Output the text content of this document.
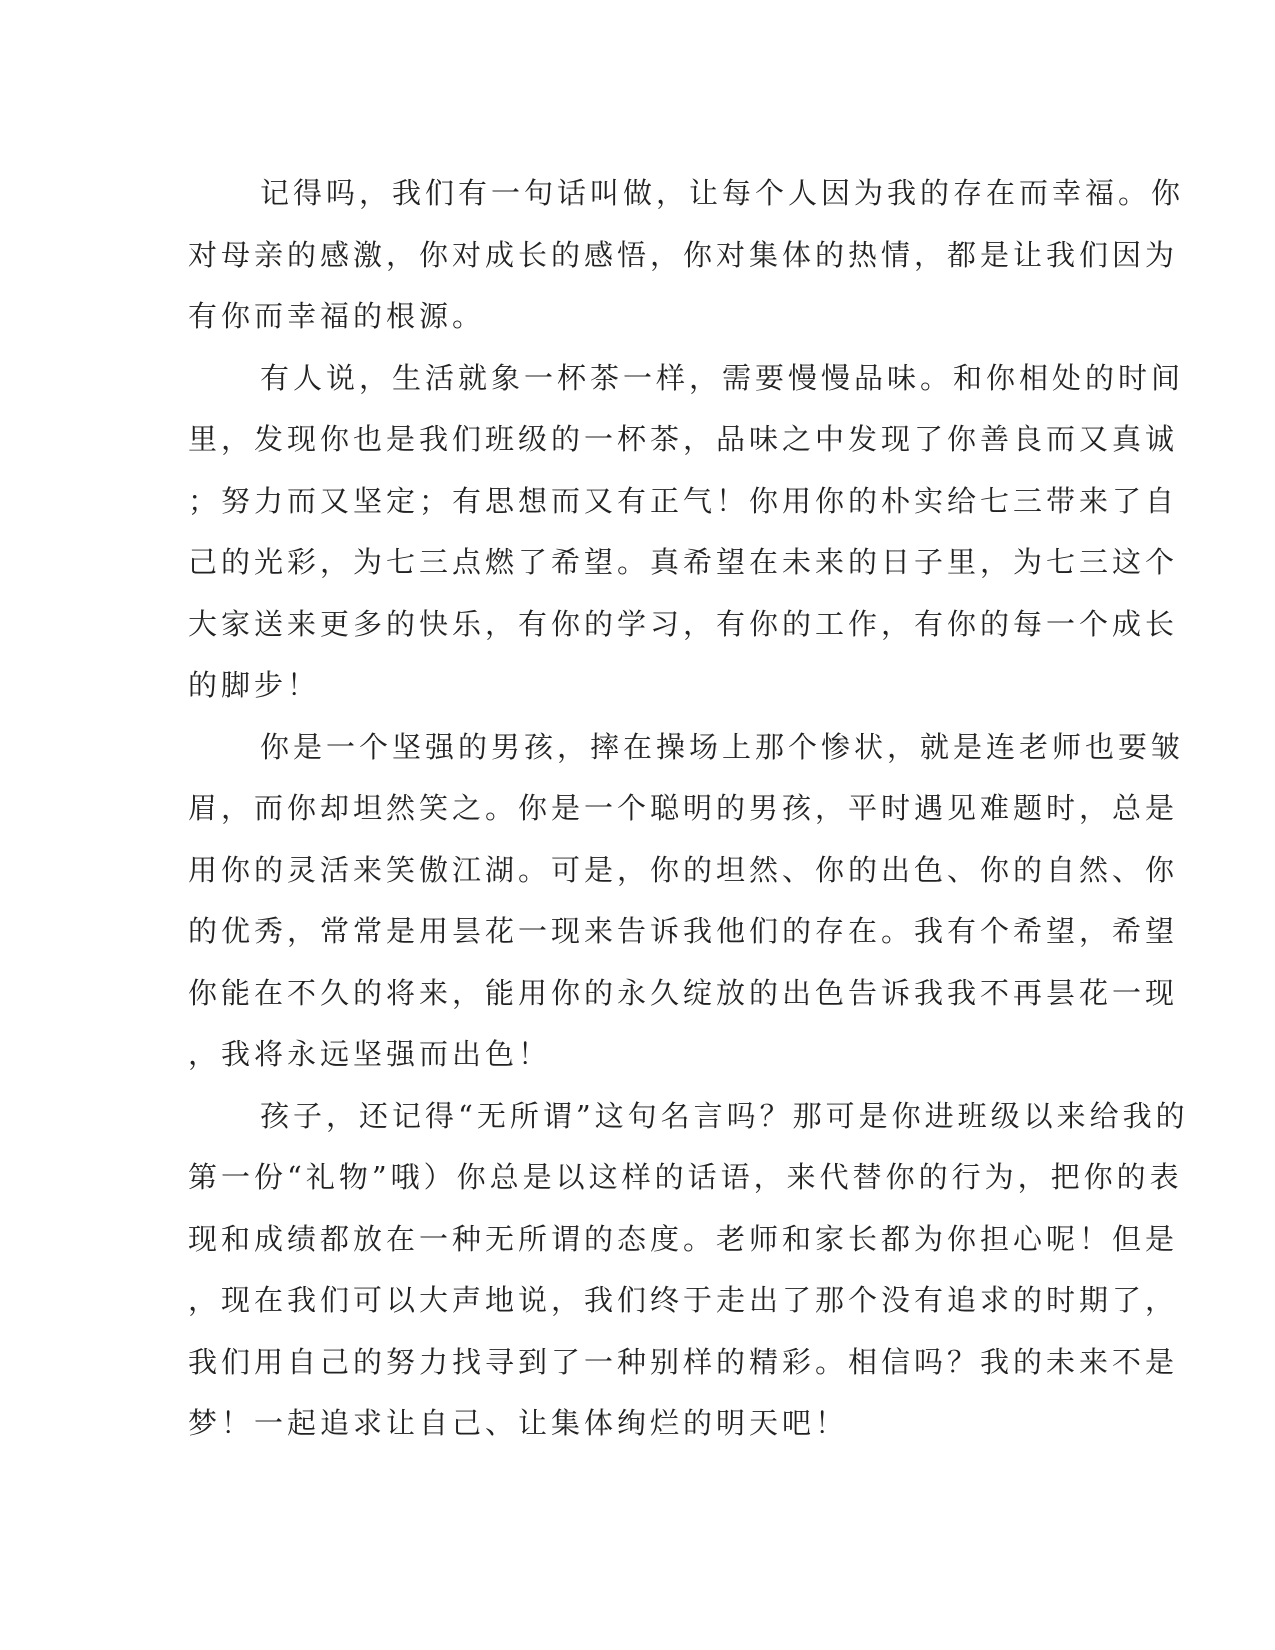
记得吗，我们有一句话叫做，让每个人因为我的存在而幸福。你
对母亲的感激，你对成长的感悟，你对集体的热情，都是让我们因为
有你而幸福的根源。
有人说，生活就象一杯茶一样，需要慢慢品味。和你相处的时间
里，发现你也是我们班级的一杯茶，品味之中发现了你善良而又真诚
；努力而又坚定；有思想而又有正气！你用你的朴实给七三带来了自
己的光彩，为七三点燃了希望。真希望在未来的日子里，为七三这个
大家送来更多的快乐，有你的学习，有你的工作，有你的每一个成长
的脚步！
你是一个坚强的男孩，摔在操场上那个惨状，就是连老师也要皱
眉，而你却坦然笑之。你是一个聪明的男孩，平时遇见难题时，总是
用你的灵活来笑傲江湖。可是，你的坦然、你的出色、你的自然、你
的优秀，常常是用昙花一现来告诉我他们的存在。我有个希望，希望
你能在不久的将来，能用你的永久绽放的出色告诉我我不再昙花一现
，我将永远坚强而出色！
孩子，还记得“无所谓”这句名言吗？那可是你进班级以来给我的
第一份“礼物”哦）你总是以这样的话语，来代替你的行为，把你的表
现和成绩都放在一种无所谓的态度。老师和家长都为你担心呢！但是
，现在我们可以大声地说，我们终于走出了那个没有追求的时期了，
我们用自己的努力找寻到了一种别样的精彩。相信吗？我的未来不是
梦！一起追求让自己、让集体绚烂的明天吧！
